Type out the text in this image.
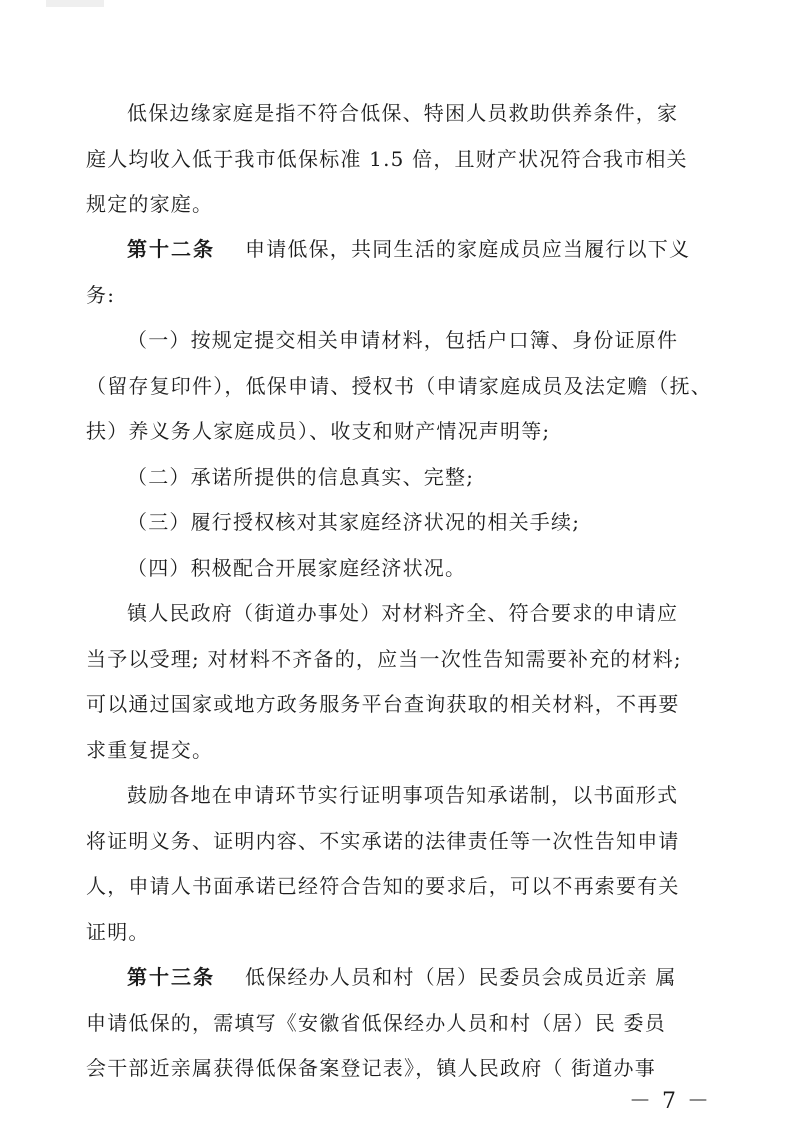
低保边缘家庭是指不符合低保、特困人员救助供养条件，家
庭人均收入低于我市低保标准 1.5 倍，且财产状况符合我市相关
规定的家庭。
第十二条 申请低保，共同生活的家庭成员应当履行以下义
务:
（一）按规定提交相关申请材料，包括户口簿、身份证原件
（留存复印件），低保申请、授权书（申请家庭成员及法定赡（抚、
扶）养义务人家庭成员）、收支和财产情况声明等;
（二）承诺所提供的信息真实、完整;
（三）履行授权核对其家庭经济状况的相关手续;
（四）积极配合开展家庭经济状况。
镇人民政府（街道办事处）对材料齐全、符合要求的申请应
当予以受理; 对材料不齐备的，应当一次性告知需要补充的材料;
可以通过国家或地方政务服务平台查询获取的相关材料，不再要
求重复提交。
鼓励各地在申请环节实行证明事项告知承诺制，以书面形式
将证明义务、证明内容、不实承诺的法律责任等一次性告知申请
人，申请人书面承诺已经符合告知的要求后，可以不再索要有关
证明。
第十三条 低保经办人员和村（居）民委员会成员近亲 属
申请低保的，需填写《安徽省低保经办人员和村（居）民 委员
会干部近亲属获得低保备案登记表》，镇人民政府（ 街道办事
－ 7 －
